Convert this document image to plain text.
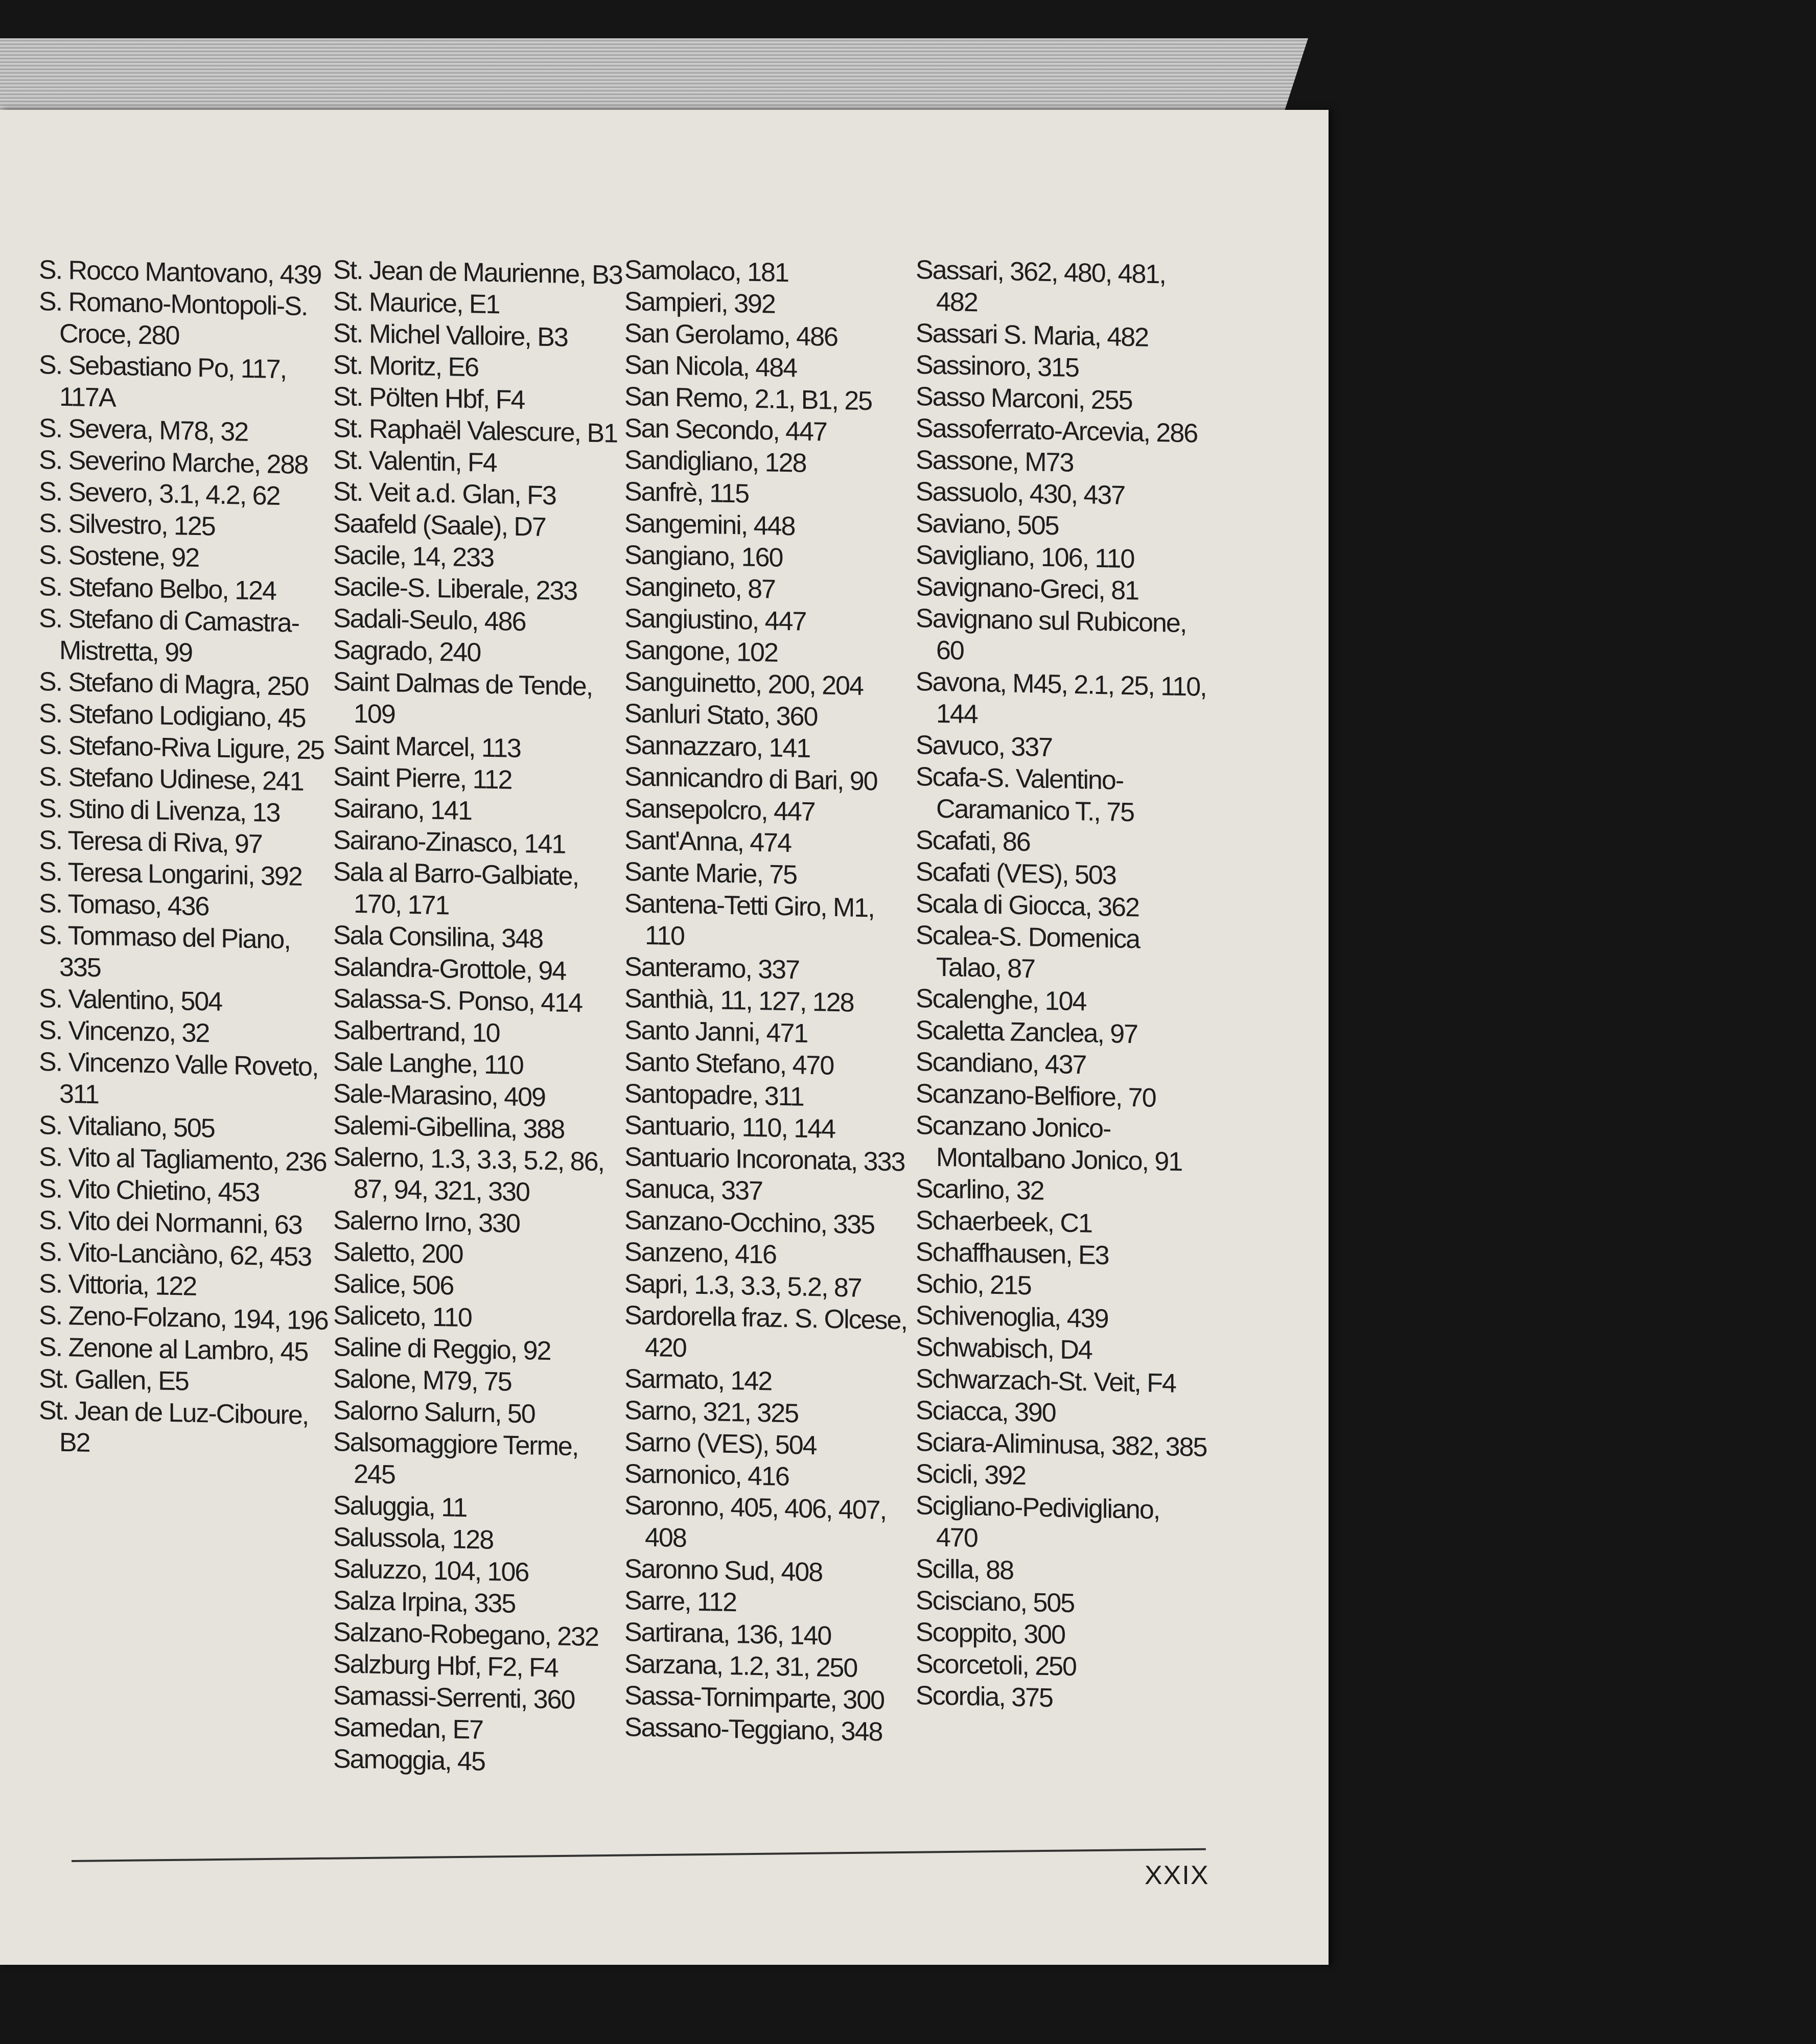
S. Rocco Mantovano, 439

S. Romano-Montopoli-S. Croce, 280

S. Sebastiano Po, 117, 117A

S. Severa, M78, 32

S. Severino Marche, 288

S. Severo, 3.1, 4.2, 62

S. Silvestro, 125

S. Sostene, 92

S. Stefano Belbo, 124

S. Stefano di Camastra-Mistretta, 99

S. Stefano di Magra, 250

S. Stefano Lodigiano, 45

S. Stefano-Riva Ligure, 25

S. Stefano Udinese, 241

S. Stino di Livenza, 13

S. Teresa di Riva, 97

S. Teresa Longarini, 392

S. Tomaso, 436

S. Tommaso del Piano, 335

S. Valentino, 504

S. Vincenzo, 32

S. Vincenzo Valle Roveto, 311

S. Vitaliano, 505

S. Vito al Tagliamento, 236

S. Vito Chietino, 453

S. Vito dei Normanni, 63

S. Vito-Lanciàno, 62, 453

S. Vittoria, 122

S. Zeno-Folzano, 194, 196

S. Zenone al Lambro, 45

St. Gallen, E5

St. Jean de Luz-Ciboure, B2

St. Jean de Maurienne, B3

St. Maurice, E1

St. Michel Valloire, B3

St. Moritz, E6

St. Pölten Hbf, F4

St. Raphaël Valescure, B1

St. Valentin, F4

St. Veit a.d. Glan, F3

Saafeld (Saale), D7

Sacile, 14, 233

Sacile-S. Liberale, 233

Sadali-Seulo, 486

Sagrado, 240

Saint Dalmas de Tende, 109

Saint Marcel, 113

Saint Pierre, 112

Sairano, 141

Sairano-Zinasco, 141

Sala al Barro-Galbiate, 170, 171

Sala Consilina, 348

Salandra-Grottole, 94

Salassa-S. Ponso, 414

Salbertrand, 10

Sale Langhe, 110

Sale-Marasino, 409

Salemi-Gibellina, 388

Salerno, 1.3, 3.3, 5.2, 86, 87, 94, 321, 330

Salerno Irno, 330

Saletto, 200

Salice, 506

Saliceto, 110

Saline di Reggio, 92

Salone, M79, 75

Salorno Salurn, 50

Salsomaggiore Terme, 245

Saluggia, 11

Salussola, 128

Saluzzo, 104, 106

Salza Irpina, 335

Salzano-Robegano, 232

Salzburg Hbf, F2, F4

Samassi-Serrenti, 360

Samedan, E7

Samoggia, 45

Samolaco, 181

Sampieri, 392

San Gerolamo, 486

San Nicola, 484

San Remo, 2.1, B1, 25

San Secondo, 447

Sandigliano, 128

Sanfrè, 115

Sangemini, 448

Sangiano, 160

Sangineto, 87

Sangiustino, 447

Sangone, 102

Sanguinetto, 200, 204

Sanluri Stato, 360

Sannazzaro, 141

Sannicandro di Bari, 90

Sansepolcro, 447

Sant'Anna, 474

Sante Marie, 75

Santena-Tetti Giro, M1, 110

Santeramo, 337

Santhià, 11, 127, 128

Santo Janni, 471

Santo Stefano, 470

Santopadre, 311

Santuario, 110, 144

Santuario Incoronata, 333

Sanuca, 337

Sanzano-Occhino, 335

Sanzeno, 416

Sapri, 1.3, 3.3, 5.2, 87

Sardorella fraz. S. Olcese, 420

Sarmato, 142

Sarno, 321, 325

Sarno (VES), 504

Sarnonico, 416

Saronno, 405, 406, 407, 408

Saronno Sud, 408

Sarre, 112

Sartirana, 136, 140

Sarzana, 1.2, 31, 250

Sassa-Tornimparte, 300

Sassano-Teggiano, 348

Sassari, 362, 480, 481, 482

Sassari S. Maria, 482

Sassinoro, 315

Sasso Marconi, 255

Sassoferrato-Arcevia, 286

Sassone, M73

Sassuolo, 430, 437

Saviano, 505

Savigliano, 106, 110

Savignano-Greci, 81

Savignano sul Rubicone, 60

Savona, M45, 2.1, 25, 110, 144

Savuco, 337

Scafa-S. Valentino-Caramanico T., 75

Scafati, 86

Scafati (VES), 503

Scala di Giocca, 362

Scalea-S. Domenica Talao, 87

Scalenghe, 104

Scaletta Zanclea, 97

Scandiano, 437

Scanzano-Belfiore, 70

Scanzano Jonico-Montalbano Jonico, 91

Scarlino, 32

Schaerbeek, C1

Schaffhausen, E3

Schio, 215

Schivenoglia, 439

Schwabisch, D4

Schwarzach-St. Veit, F4

Sciacca, 390

Sciara-Aliminusa, 382, 385

Scicli, 392

Scigliano-Pedivigliano, 470

Scilla, 88

Scisciano, 505

Scoppito, 300

Scorcetoli, 250

Scordia, 375

XXIX
